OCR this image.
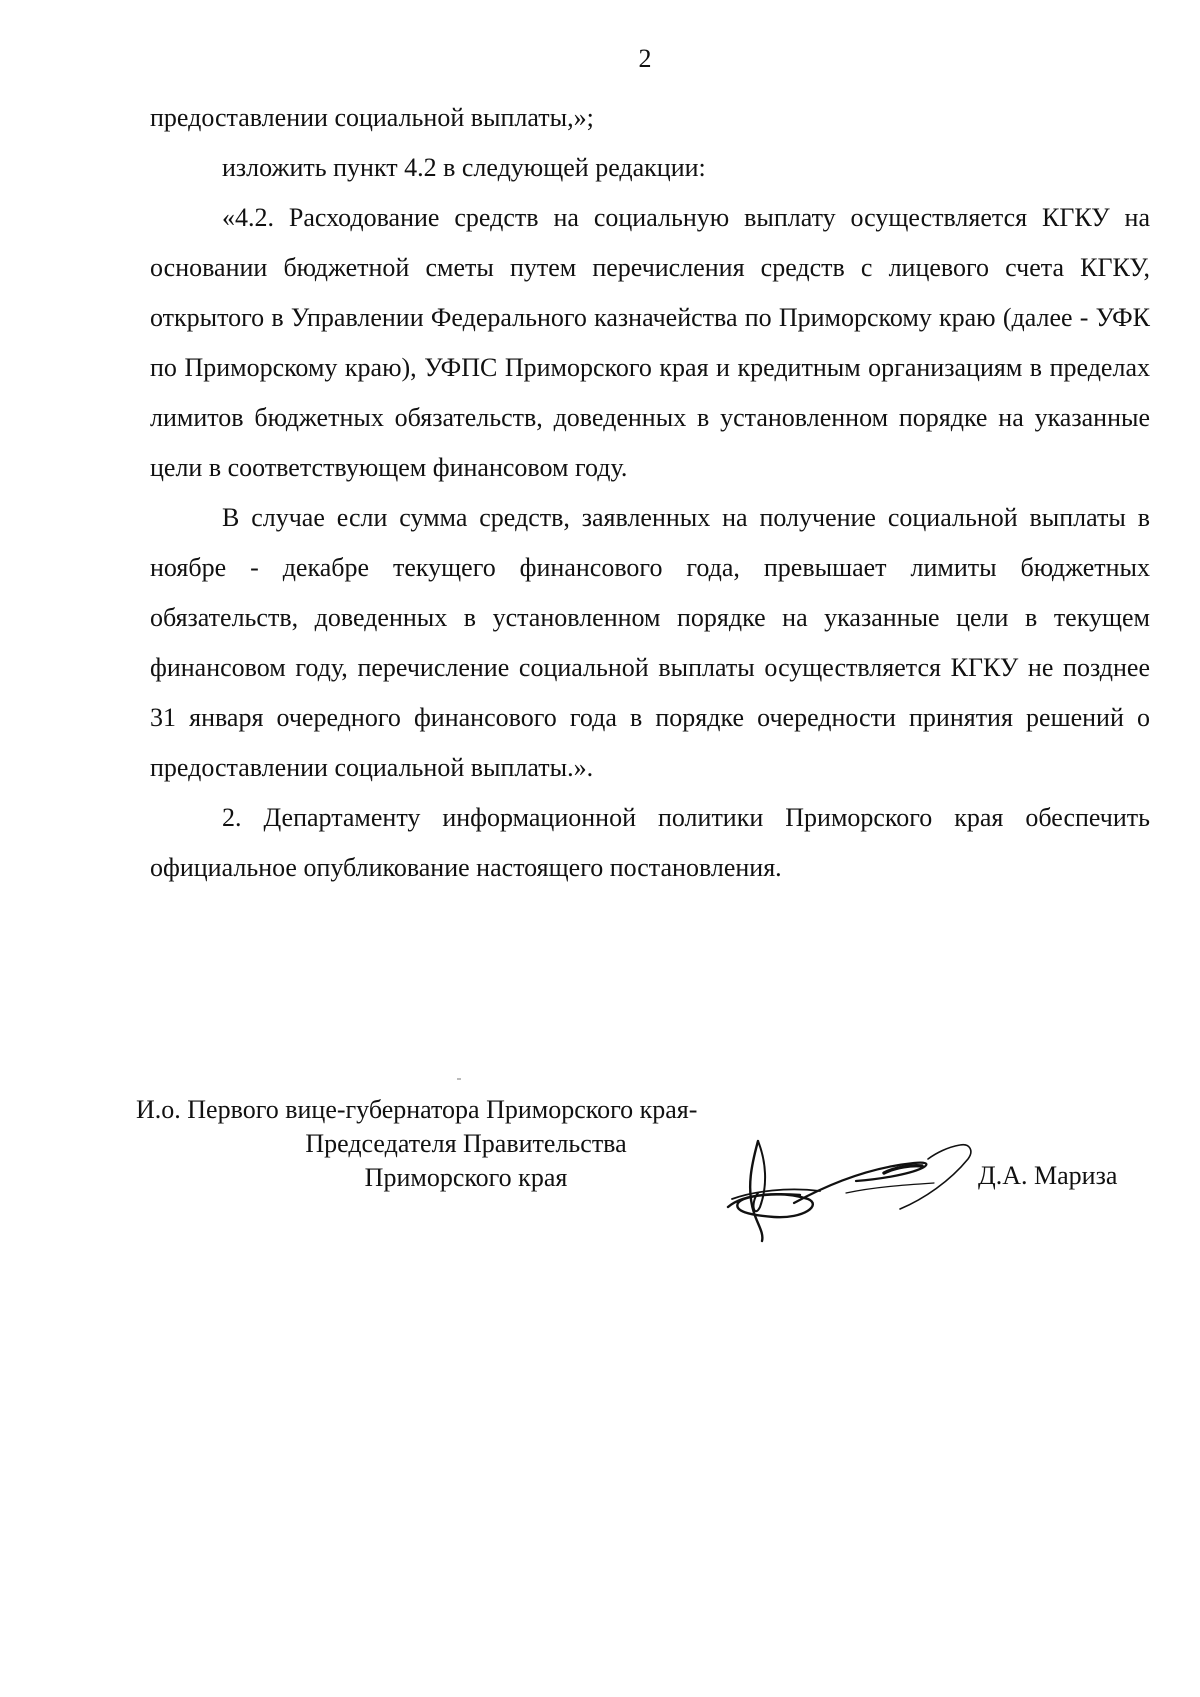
2

предоставлении социальной выплаты,»;

изложить пункт 4.2 в следующей редакции:

«4.2. Расходование средств на социальную выплату осуществляется КГКУ на основании бюджетной сметы путем перечисления средств с лицевого счета КГКУ, открытого в Управлении Федерального казначейства по Приморскому краю (далее - УФК по Приморскому краю), УФПС Приморского края и кредитным организациям в пределах лимитов бюджетных обязательств, доведенных в установленном порядке на указанные цели в соответствующем финансовом году.

В случае если сумма средств, заявленных на получение социальной выплаты в ноябре - декабре текущего финансового года, превышает лимиты бюджетных обязательств, доведенных в установленном порядке на указанные цели в текущем финансовом году, перечисление социальной выплаты осуществляется КГКУ не позднее 31 января очередного финансового года в порядке очередности принятия решений о предоставлении социальной выплаты.».

2. Департаменту информационной политики Приморского края обеспечить официальное опубликование настоящего постановления.

И.о. Первого вице-губернатора Приморского края-
Председателя Правительства
Приморского края	Д.А. Мариза
